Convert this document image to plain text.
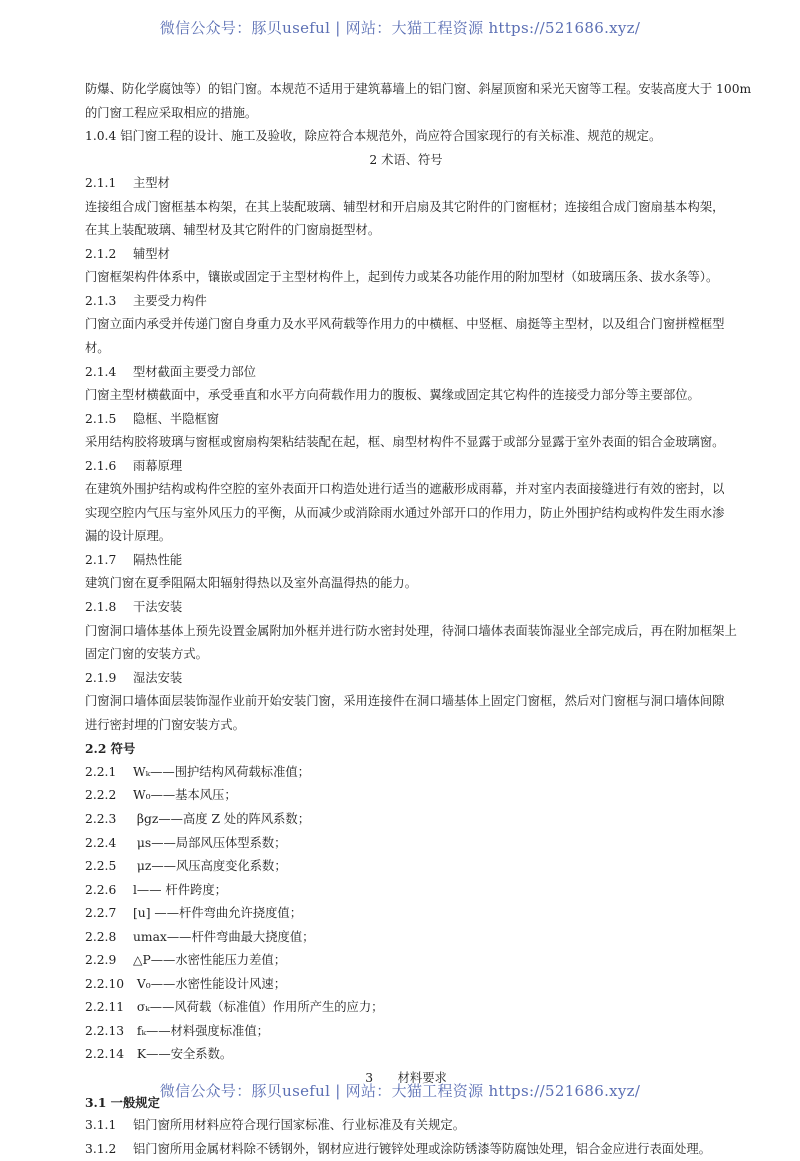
微信公众号：豚贝useful | 网站：大猫工程资源 https://521686.xyz/
防爆、防化学腐蚀等）的铝门窗。本规范不适用于建筑幕墙上的铝门窗、斜屋顶窗和采光天窗等工程。安装高度大于 100m
的门窗工程应采取相应的措施。
1.0.4 铝门窗工程的设计、施工及验收，除应符合本规范外，尚应符合国家现行的有关标准、规范的规定。
2 术语、符号
2.1.1 主型材
连接组合成门窗框基本构架，在其上装配玻璃、辅型材和开启扇及其它附件的门窗框材；连接组合成门窗扇基本构架，
在其上装配玻璃、辅型材及其它附件的门窗扇挺型材。
2.1.2 辅型材
门窗框架构件体系中，镶嵌或固定于主型材构件上，起到传力或某各功能作用的附加型材（如玻璃压条、拔水条等）。
2.1.3 主要受力构件
门窗立面内承受并传递门窗自身重力及水平风荷载等作用力的中横框、中竖框、扇挺等主型材，以及组合门窗拼樘框型
材。
2.1.4 型材截面主要受力部位
门窗主型材横截面中，承受垂直和水平方向荷载作用力的腹板、翼缘或固定其它构件的连接受力部分等主要部位。
2.1.5 隐框、半隐框窗
采用结构胶将玻璃与窗框或窗扇构架粘结装配在起，框、扇型材构件不显露于或部分显露于室外表面的铝合金玻璃窗。
2.1.6 雨幕原理
在建筑外围护结构或构件空腔的室外表面开口构造处进行适当的遮蔽形成雨幕，并对室内表面接缝进行有效的密封，以
实现空腔内气压与室外风压力的平衡，从而减少或消除雨水通过外部开口的作用力，防止外围护结构或构件发生雨水渗
漏的设计原理。
2.1.7 隔热性能
建筑门窗在夏季阻隔太阳辐射得热以及室外高温得热的能力。
2.1.8 干法安装
门窗洞口墙体基体上预先设置金属附加外框并进行防水密封处理，待洞口墙体表面装饰湿业全部完成后，再在附加框架上
固定门窗的安装方式。
2.1.9 湿法安装
门窗洞口墙体面层装饰湿作业前开始安装门窗，采用连接件在洞口墙基体上固定门窗框，然后对门窗框与洞口墙体间隙
进行密封埋的门窗安装方式。
2.2 符号
2.2.1 Wₖ——围护结构风荷载标准值；
2.2.2 W₀——基本风压；
2.2.3 βgz——高度 Z 处的阵风系数；
2.2.4 μs——局部风压体型系数；
2.2.5 μz——风压高度变化系数；
2.2.6 l—— 杆件跨度；
2.2.7 [u] ——杆件弯曲允许挠度值；
2.2.8 umax——杆件弯曲最大挠度值；
2.2.9 △P——水密性能压力差值；
2.2.10 V₀——水密性能设计风速；
2.2.11 σₖ——风荷载（标准值）作用所产生的应力；
2.2.13 fₖ——材料强度标准值；
2.2.14 K——安全系数。
3　　材料要求
3.1 一般规定
3.1.1 铝门窗所用材料应符合现行国家标准、行业标准及有关规定。
3.1.2 铝门窗所用金属材料除不锈钢外，钢材应进行镀锌处理或涂防锈漆等防腐蚀处理，铝合金应进行表面处理。
微信公众号：豚贝useful | 网站：大猫工程资源 https://521686.xyz/
